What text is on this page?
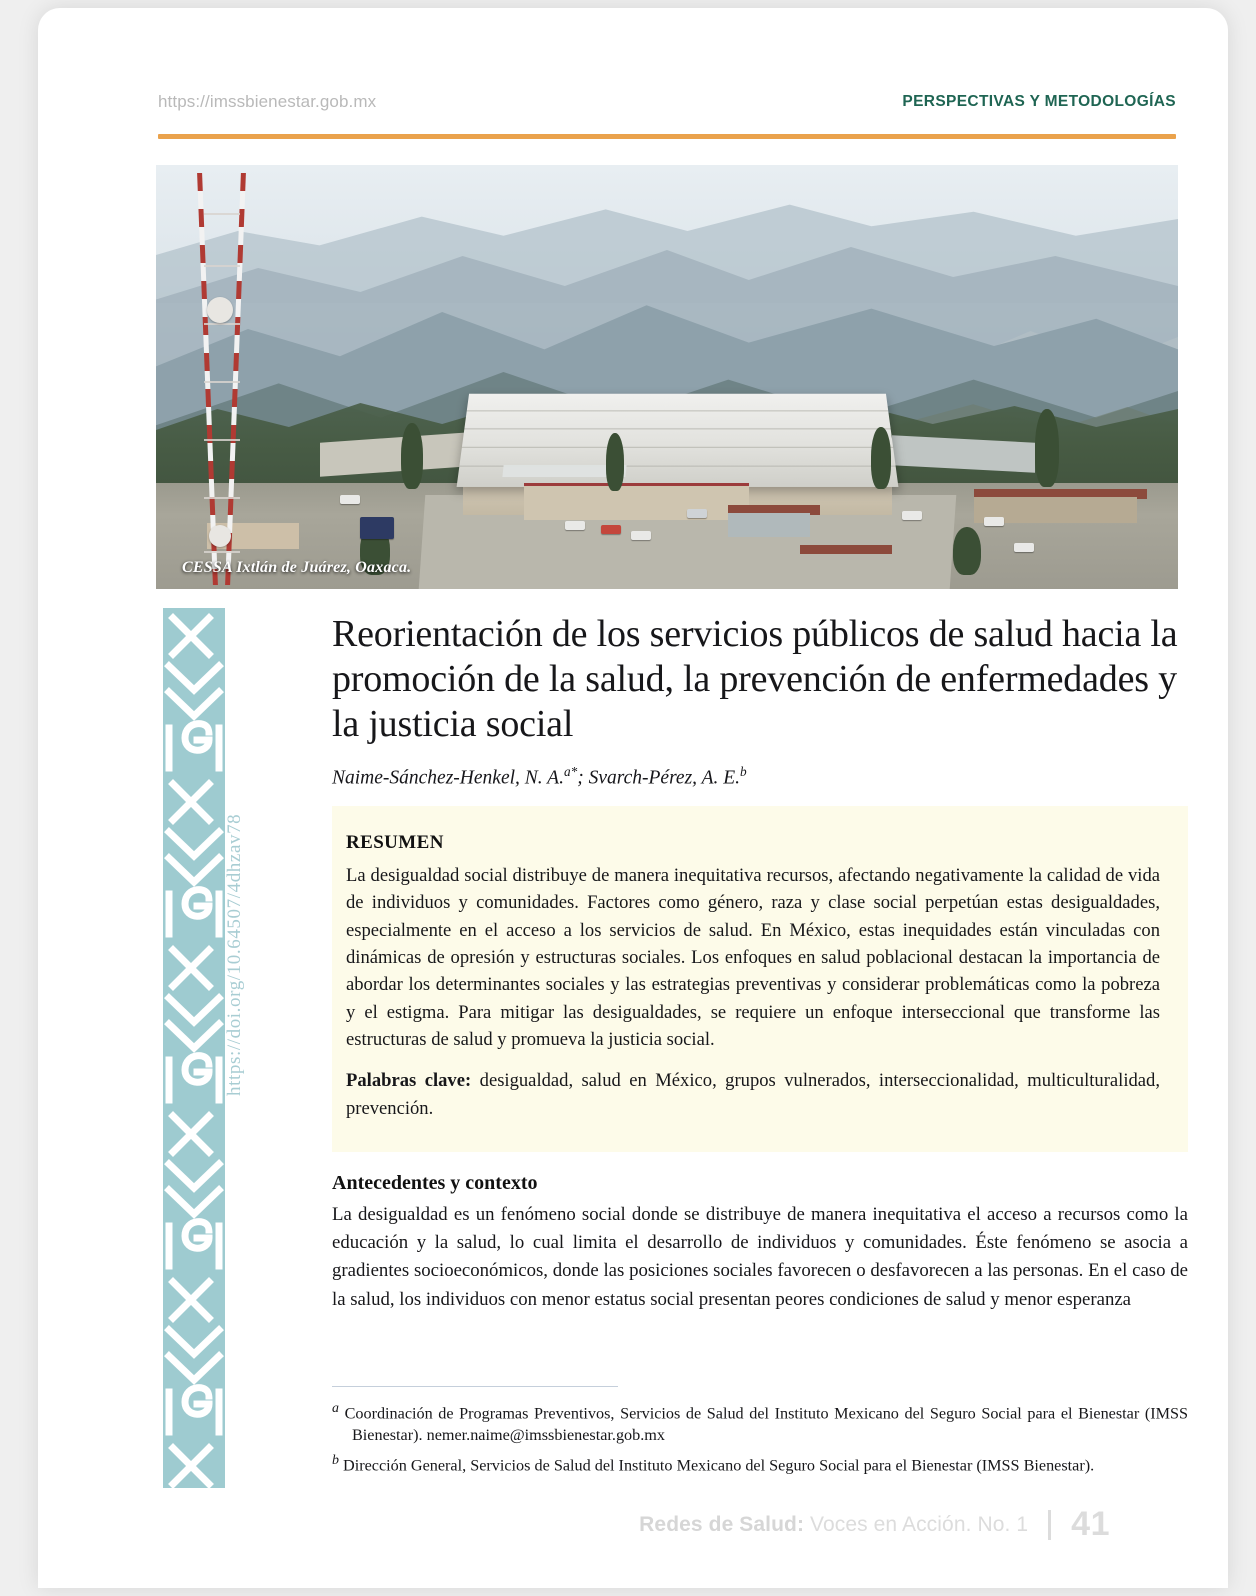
https://imssbienestar.gob.mx	PERSPECTIVAS Y METODOLOGÍAS
CESSA Ixtlán de Juárez, Oaxaca.
https://doi.org/10.64507/4dhzav78
Reorientación de los servicios públicos de salud hacia la promoción de la salud, la prevención de enfermedades y la justicia social

Naime-Sánchez-Henkel, N. A.$^{a*}$; Svarch-Pérez, A. E.$^b$

RESUMEN

La desigualdad social distribuye de manera inequitativa recursos, afectando negativamente la calidad de vida de individuos y comunidades. Factores como género, raza y clase social perpetúan estas desigualdades, especialmente en el acceso a los servicios de salud. En México, estas inequidades están vinculadas con dinámicas de opresión y estructuras sociales. Los enfoques en salud poblacional destacan la importancia de abordar los determinantes sociales y las estrategias preventivas y considerar problemáticas como la pobreza y el estigma. Para mitigar las desigualdades, se requiere un enfoque interseccional que transforme las estructuras de salud y promueva la justicia social.

Palabras clave: desigualdad, salud en México, grupos vulnerados, interseccionalidad, multiculturalidad, prevención.

Antecedentes y contexto

La desigualdad es un fenómeno social donde se distribuye de manera inequitativa el acceso a recursos como la educación y la salud, lo cual limita el desarrollo de individuos y comunidades. Éste fenómeno se asocia a gradientes socioeconómicos, donde las posiciones sociales favorecen o desfavorecen a las personas. En el caso de la salud, los individuos con menor estatus social presentan peores condiciones de salud y menor esperanza

a Coordinación de Programas Preventivos, Servicios de Salud del Instituto Mexicano del Seguro Social para el Bienestar (IMSS Bienestar). nemer.naime@imssbienestar.gob.mx

b Dirección General, Servicios de Salud del Instituto Mexicano del Seguro Social para el Bienestar (IMSS Bienestar).

Redes de Salud: Voces en Acción. No. 1 41
